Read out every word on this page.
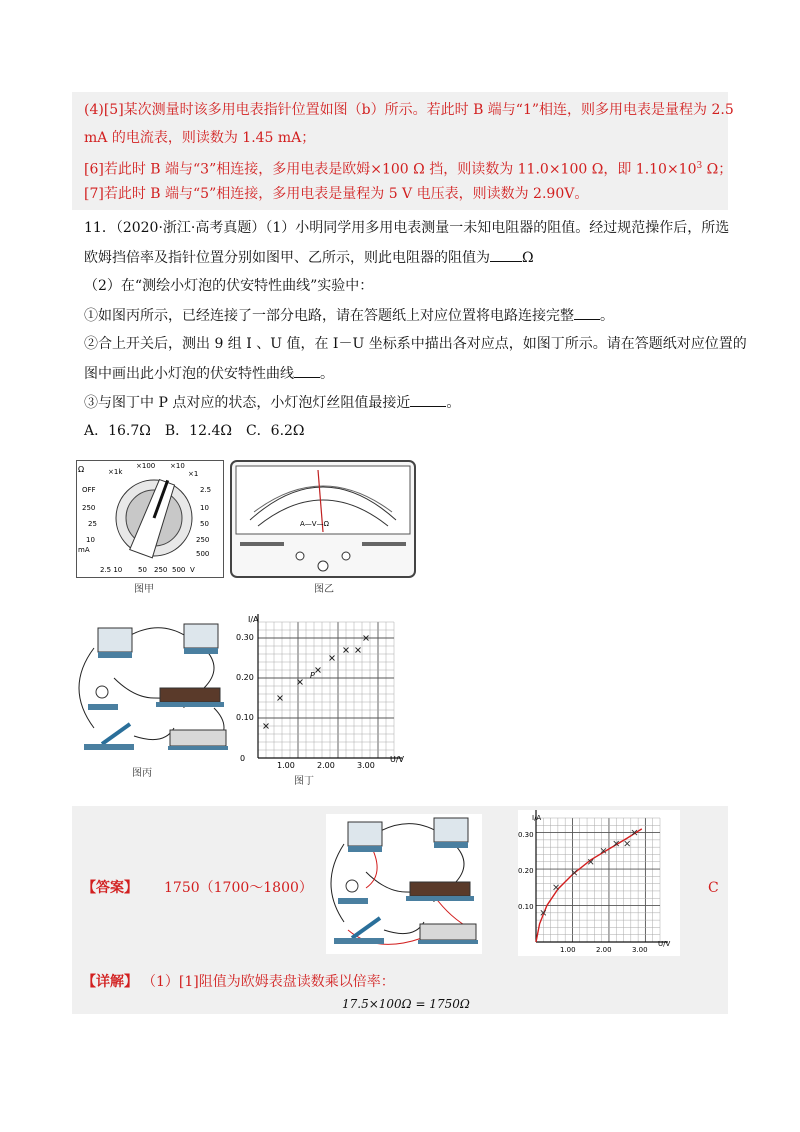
(4)[5]某次测量时该多用电表指针位置如图（b）所示。若此时 B 端与“1”相连，则多用电表是量程为 2.5
mA 的电流表，则读数为 1.45 mA；
[6]若此时 B 端与“3”相连接，多用电表是欧姆×100 Ω 挡，则读数为 11.0×100 Ω，即 $1.10\times 10^3$ Ω；
[7]若此时 B 端与“5”相连接，多用电表是量程为 5 V 电压表，则读数为 2.90V。
11．（2020·浙江·高考真题）（1）小明同学用多用电表测量一未知电阻器的阻值。经过规范操作后，所选
欧姆挡倍率及指针位置分别如图甲、乙所示，则此电阻器的阻值为 Ω
（2）在“测绘小灯泡的伏安特性曲线”实验中：
①如图丙所示，已经连接了一部分电路，请在答题纸上对应位置将电路连接完整 。
②合上开关后，测出 9 组 I 、U 值，在 I－U 坐标系中描出各对应点，如图丁所示。请在答题纸对应位置的
图中画出此小灯泡的伏安特性曲线 。
③与图丁中 P 点对应的状态，小灯泡灯丝阻值最接近	。
A．16.7Ω　B．12.4Ω　C．6.2Ω
Ω	×1k
×100 ×10
×1
OFF
250
25
10
mA
2.5
10
50
250
500
2.5 10 50 250 500 V
图甲
A—V—Ω
图乙
图丙
I/A
U/V
0
0.10
0.20
0.30
1.00	2.00	3.00
P
图丁
【答案】 1750（1700～1800）	C
I/A
U/V
0.10
0.20
0.30
1.00	2.00	3.00
【详解】 （1）[1]阻值为欧姆表盘读数乘以倍率：
17.5×100Ω = 1750Ω
